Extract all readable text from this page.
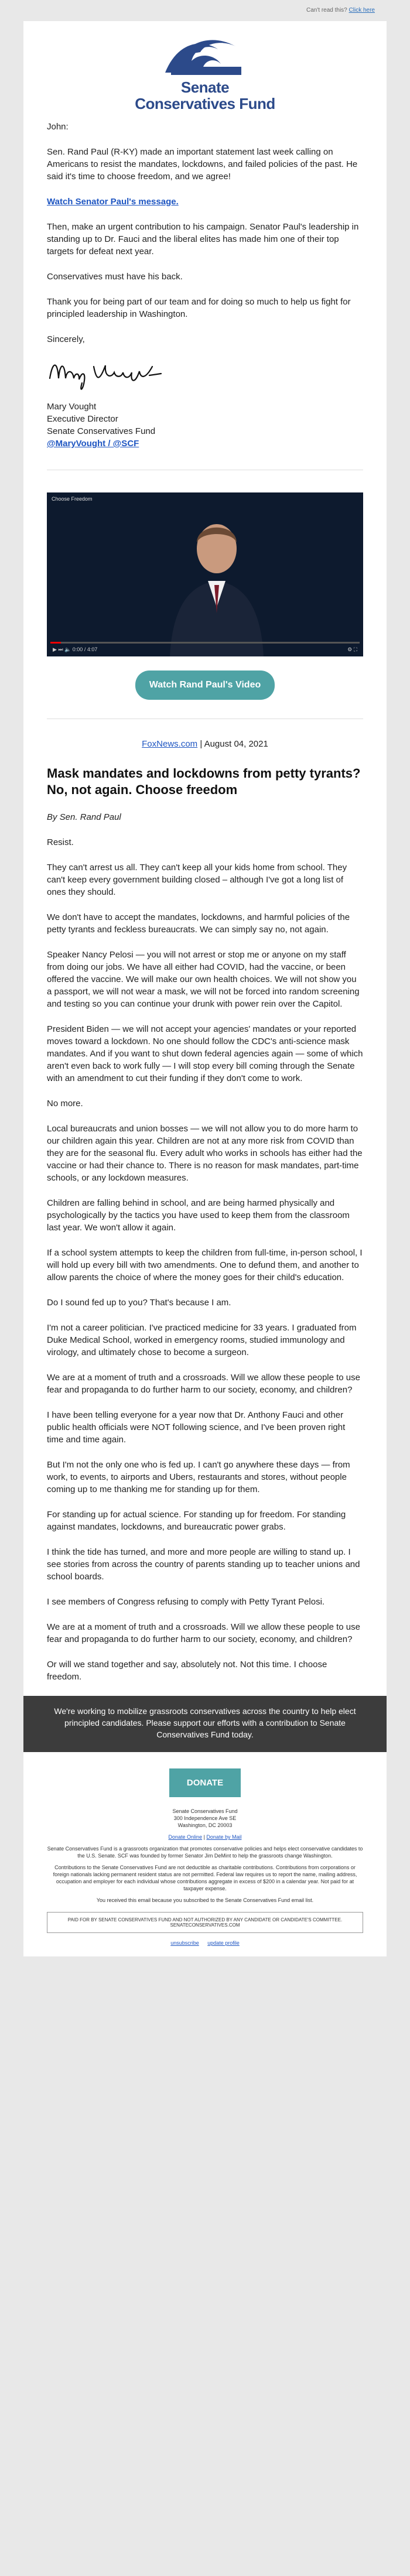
Can't read this? Click here
Senate
Conservatives Fund

John:

Sen. Rand Paul (R-KY) made an important statement last week calling on Americans to resist the mandates, lockdowns, and failed policies of the past. He said it's time to choose freedom, and we agree!

Watch Senator Paul's message.

Then, make an urgent contribution to his campaign. Senator Paul's leadership in standing up to Dr. Fauci and the liberal elites has made him one of their top targets for defeat next year.

Conservatives must have his back.

Thank you for being part of our team and for doing so much to help us fight for principled leadership in Washington.

Sincerely,

Mary Vought

Executive Director

Senate Conservatives Fund

@MaryVought / @SCF

Choose Freedom
▶ ⏭ 🔈 0:00 / 4:07	⚙ ⛶
Watch Rand Paul's Video
FoxNews.com | August 04, 2021
Mask mandates and lockdowns from petty tyrants? No, not again. Choose freedom

By Sen. Rand Paul

Resist.

They can't arrest us all. They can't keep all your kids home from school. They can't keep every government building closed – although I've got a long list of ones they should.

We don't have to accept the mandates, lockdowns, and harmful policies of the petty tyrants and feckless bureaucrats. We can simply say no, not again.

Speaker Nancy Pelosi — you will not arrest or stop me or anyone on my staff from doing our jobs. We have all either had COVID, had the vaccine, or been offered the vaccine. We will make our own health choices. We will not show you a passport, we will not wear a mask, we will not be forced into random screening and testing so you can continue your drunk with power rein over the Capitol.

President Biden — we will not accept your agencies' mandates or your reported moves toward a lockdown. No one should follow the CDC's anti-science mask mandates. And if you want to shut down federal agencies again — some of which aren't even back to work fully — I will stop every bill coming through the Senate with an amendment to cut their funding if they don't come to work.

No more.

Local bureaucrats and union bosses — we will not allow you to do more harm to our children again this year. Children are not at any more risk from COVID than they are for the seasonal flu. Every adult who works in schools has either had the vaccine or had their chance to. There is no reason for mask mandates, part-time schools, or any lockdown measures.

Children are falling behind in school, and are being harmed physically and psychologically by the tactics you have used to keep them from the classroom last year. We won't allow it again.

If a school system attempts to keep the children from full-time, in-person school, I will hold up every bill with two amendments. One to defund them, and another to allow parents the choice of where the money goes for their child's education.

Do I sound fed up to you? That's because I am.

I'm not a career politician. I've practiced medicine for 33 years. I graduated from Duke Medical School, worked in emergency rooms, studied immunology and virology, and ultimately chose to become a surgeon.

We are at a moment of truth and a crossroads. Will we allow these people to use fear and propaganda to do further harm to our society, economy, and children?

I have been telling everyone for a year now that Dr. Anthony Fauci and other public health officials were NOT following science, and I've been proven right time and time again.

But I'm not the only one who is fed up. I can't go anywhere these days — from work, to events, to airports and Ubers, restaurants and stores, without people coming up to me thanking me for standing up for them.

For standing up for actual science. For standing up for freedom. For standing against mandates, lockdowns, and bureaucratic power grabs.

I think the tide has turned, and more and more people are willing to stand up. I see stories from across the country of parents standing up to teacher unions and school boards.

I see members of Congress refusing to comply with Petty Tyrant Pelosi.

We are at a moment of truth and a crossroads. Will we allow these people to use fear and propaganda to do further harm to our society, economy, and children?

Or will we stand together and say, absolutely not. Not this time. I choose freedom.

We're working to mobilize grassroots conservatives across the country to help elect principled candidates. Please support our efforts with a contribution to Senate Conservatives Fund today.
DONATE

Senate Conservatives Fund
300 Independence Ave SE
Washington, DC 20003

Donate Online | Donate by Mail

Senate Conservatives Fund is a grassroots organization that promotes conservative policies and helps elect conservative candidates to the U.S. Senate. SCF was founded by former Senator Jim DeMint to help the grassroots change Washington.

Contributions to the Senate Conservatives Fund are not deductible as charitable contributions. Contributions from corporations or foreign nationals lacking permanent resident status are not permitted. Federal law requires us to report the name, mailing address, occupation and employer for each individual whose contributions aggregate in excess of $200 in a calendar year. Not paid for at taxpayer expense.

You received this email because you subscribed to the Senate Conservatives Fund email list.

PAID FOR BY SENATE CONSERVATIVES FUND AND NOT AUTHORIZED BY ANY CANDIDATE OR CANDIDATE'S COMMITTEE. SENATECONSERVATIVES.COM
unsubscribe update profile
